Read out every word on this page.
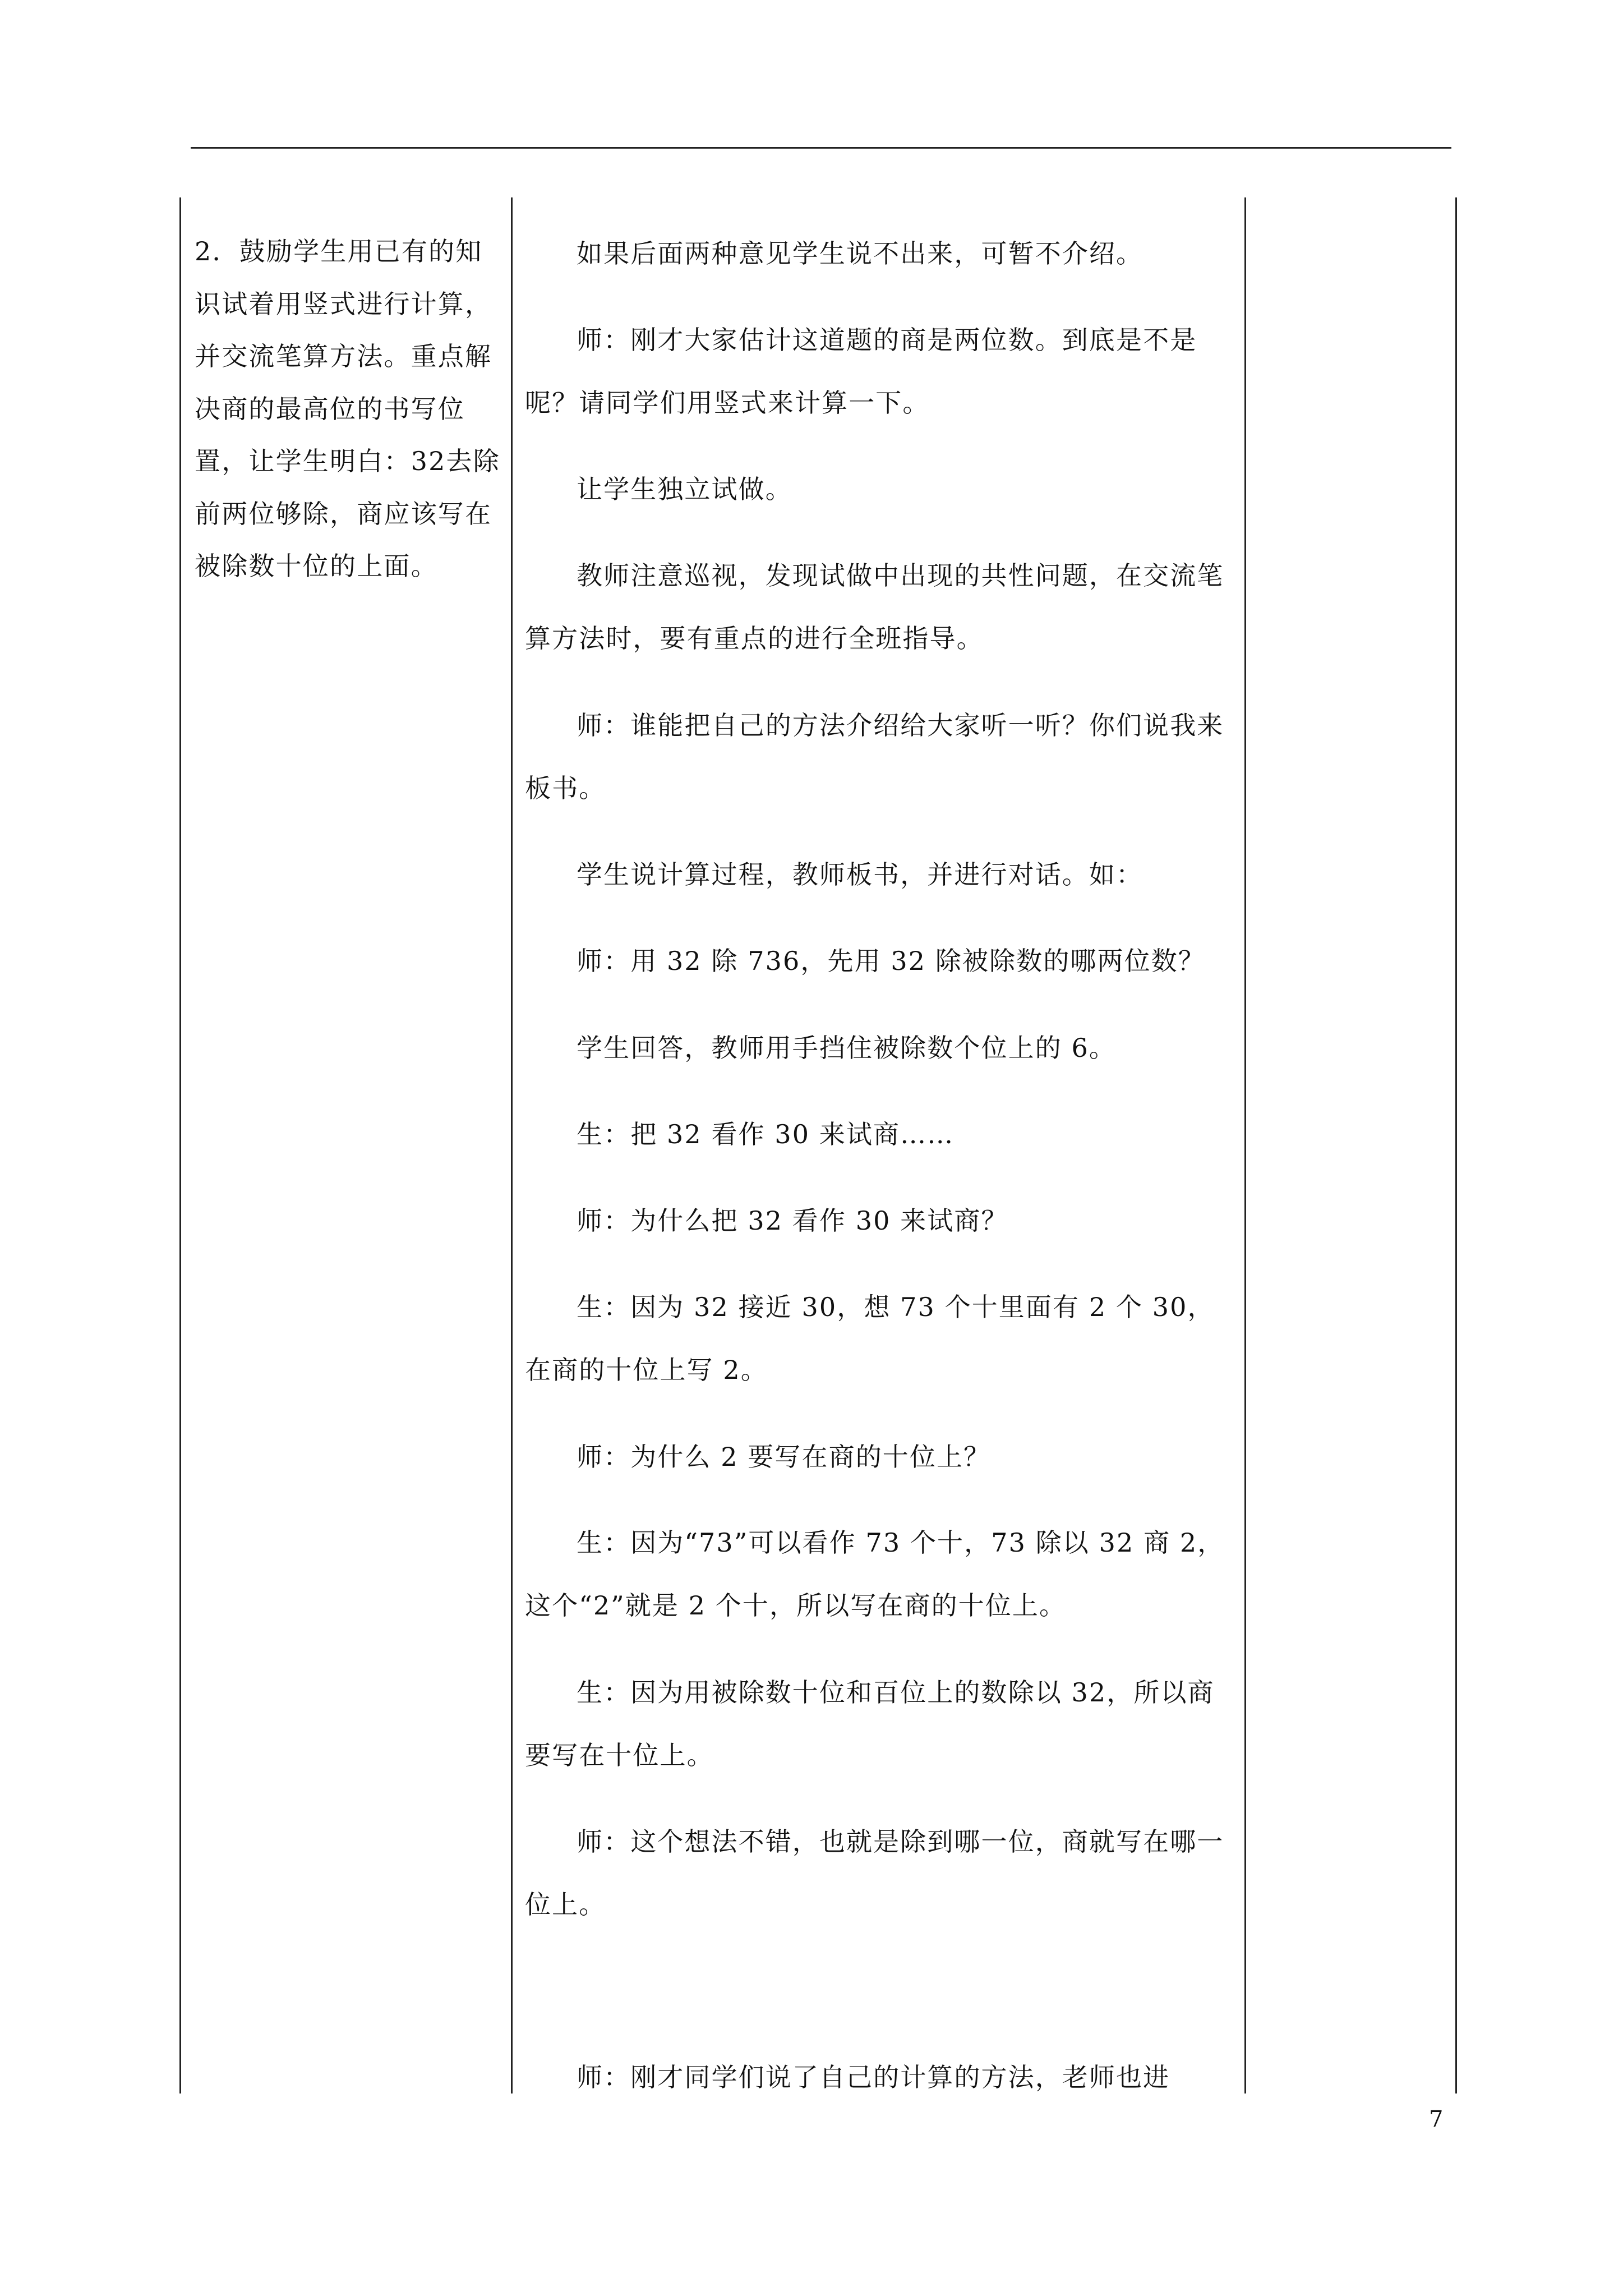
2．鼓励学生用已有的知识试着用竖式进行计算，并交流笔算方法。重点解决商的最高位的书写位置，让学生明白：32去除前两位够除，商应该写在被除数十位的上面。

如果后面两种意见学生说不出来，可暂不介绍。

师：刚才大家估计这道题的商是两位数。到底是不是呢？请同学们用竖式来计算一下。

让学生独立试做。

教师注意巡视，发现试做中出现的共性问题，在交流笔算方法时，要有重点的进行全班指导。

师：谁能把自己的方法介绍给大家听一听？你们说我来板书。

学生说计算过程，教师板书，并进行对话。如：

师：用 32 除 736，先用 32 除被除数的哪两位数？

学生回答，教师用手挡住被除数个位上的 6。

生：把 32 看作 30 来试商……

师：为什么把 32 看作 30 来试商？

生：因为 32 接近 30，想 73 个十里面有 2 个 30，在商的十位上写 2。

师：为什么 2 要写在商的十位上？

生：因为“73”可以看作 73 个十，73 除以 32 商 2，这个“2”就是 2 个十，所以写在商的十位上。

生：因为用被除数十位和百位上的数除以 32，所以商要写在十位上。

师：这个想法不错，也就是除到哪一位，商就写在哪一位上。

师：刚才同学们说了自己的计算的方法，老师也进

7
